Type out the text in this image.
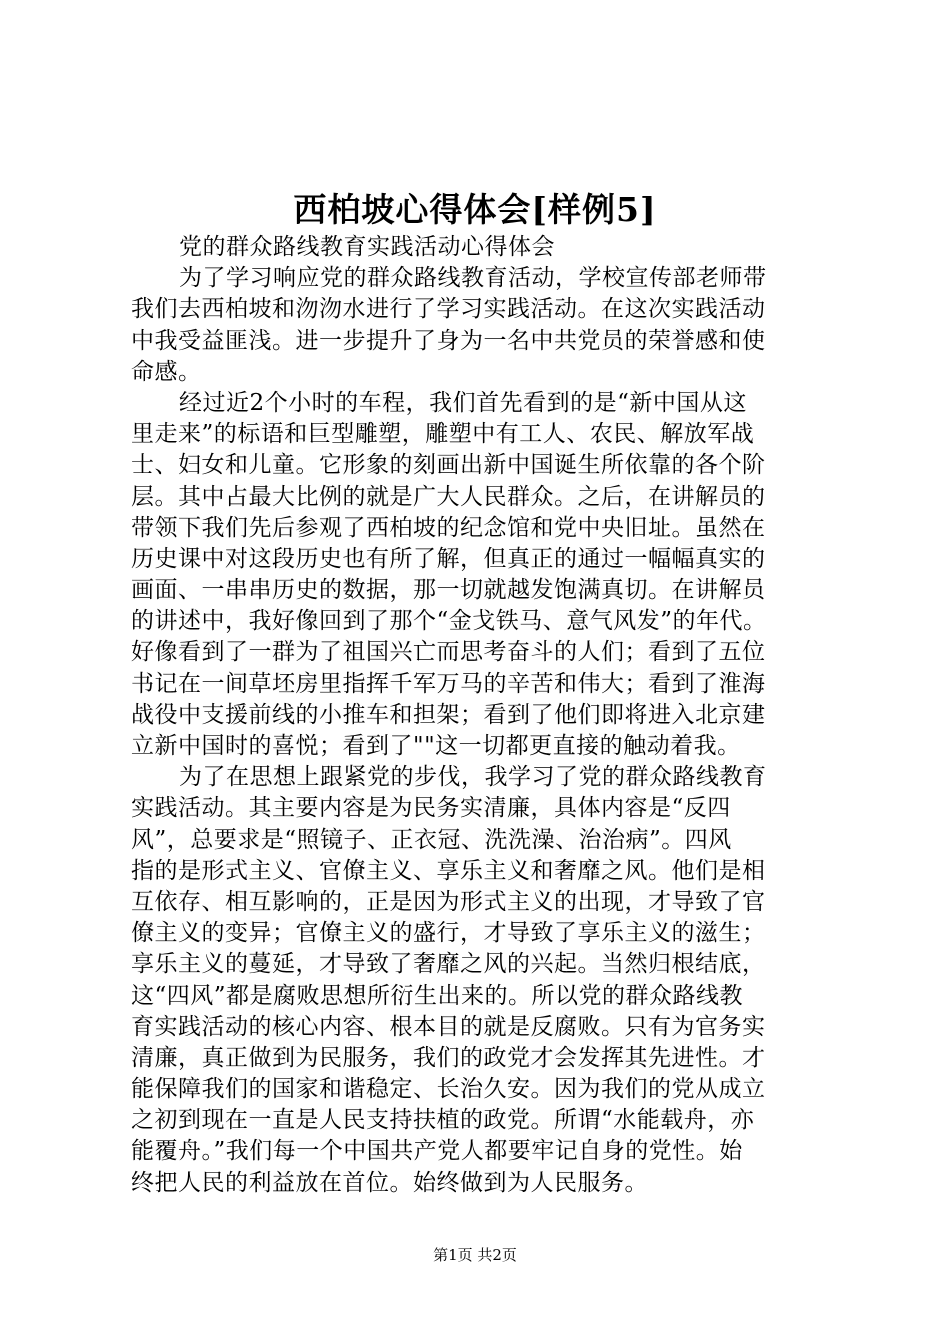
西柏坡心得体会[样例5]
党的群众路线教育实践活动心得体会
为了学习响应党的群众路线教育活动，学校宣传部老师带
我们去西柏坡和沕沕水进行了学习实践活动。在这次实践活动
中我受益匪浅。进一步提升了身为一名中共党员的荣誉感和使
命感。
经过近2个小时的车程，我们首先看到的是“新中国从这
里走来”的标语和巨型雕塑，雕塑中有工人、农民、解放军战
士、妇女和儿童。它形象的刻画出新中国诞生所依靠的各个阶
层。其中占最大比例的就是广大人民群众。之后，在讲解员的
带领下我们先后参观了西柏坡的纪念馆和党中央旧址。虽然在
历史课中对这段历史也有所了解，但真正的通过一幅幅真实的
画面、一串串历史的数据，那一切就越发饱满真切。在讲解员
的讲述中，我好像回到了那个“金戈铁马、意气风发”的年代。
好像看到了一群为了祖国兴亡而思考奋斗的人们；看到了五位
书记在一间草坯房里指挥千军万马的辛苦和伟大；看到了淮海
战役中支援前线的小推车和担架；看到了他们即将进入北京建
立新中国时的喜悦；看到了""这一切都更直接的触动着我。
为了在思想上跟紧党的步伐，我学习了党的群众路线教育
实践活动。其主要内容是为民务实清廉，具体内容是“反四
风”，总要求是“照镜子、正衣冠、洗洗澡、治治病”。四风
指的是形式主义、官僚主义、享乐主义和奢靡之风。他们是相
互依存、相互影响的，正是因为形式主义的出现，才导致了官
僚主义的变异；官僚主义的盛行，才导致了享乐主义的滋生；
享乐主义的蔓延，才导致了奢靡之风的兴起。当然归根结底，
这“四风”都是腐败思想所衍生出来的。所以党的群众路线教
育实践活动的核心内容、根本目的就是反腐败。只有为官务实
清廉，真正做到为民服务，我们的政党才会发挥其先进性。才
能保障我们的国家和谐稳定、长治久安。因为我们的党从成立
之初到现在一直是人民支持扶植的政党。所谓“水能载舟，亦
能覆舟。”我们每一个中国共产党人都要牢记自身的党性。始
终把人民的利益放在首位。始终做到为人民服务。
第1页 共2页
